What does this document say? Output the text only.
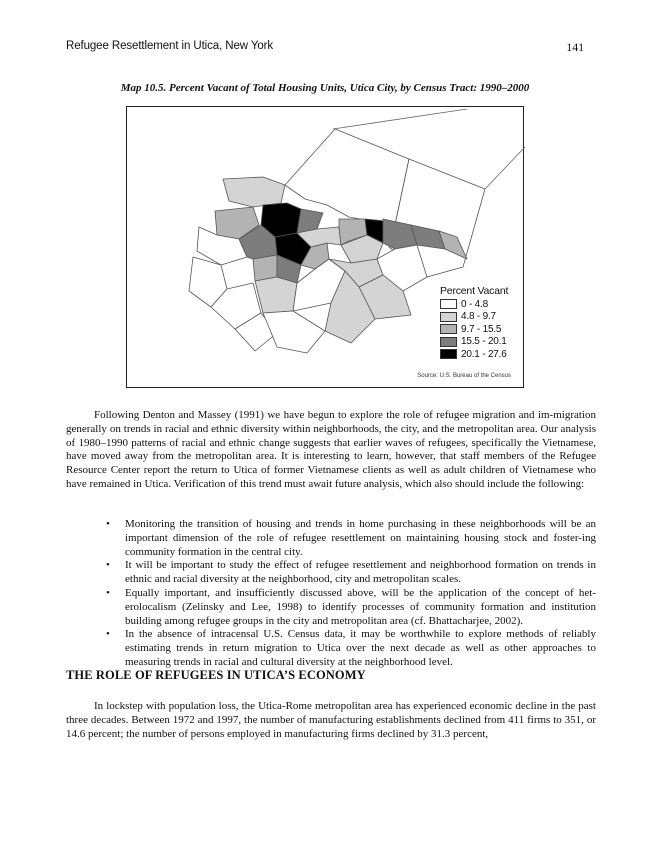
Refugee Resettlement in Utica, New York	141
Map 10.5. Percent Vacant of Total Housing Units, Utica City, by Census Tract: 1990–2000
Percent Vacant
0 - 4.8
4.8 - 9.7
9.7 - 15.5
15.5 - 20.1
20.1 - 27.6
Source: U.S. Bureau of the Census

Following Denton and Massey (1991) we have begun to explore the role of refugee migration and im-migration generally on trends in racial and ethnic diversity within neighborhoods, the city, and the metropolitan area. Our analysis of 1980–1990 patterns of racial and ethnic change suggests that earlier waves of refugees, specifically the Vietnamese, have moved away from the metropolitan area. It is interesting to learn, however, that staff members of the Refugee Resource Center report the return to Utica of former Vietnamese clients as well as adult children of Vietnamese who have remained in Utica. Verification of this trend must await future analysis, which also should include the following:

• Monitoring the transition of housing and trends in home purchasing in these neighborhoods will be an important dimension of the role of refugee resettlement on maintaining housing stock and foster-ing community formation in the central city.
• It will be important to study the effect of refugee resettlement and neighborhood formation on trends in ethnic and racial diversity at the neighborhood, city and metropolitan scales.
• Equally important, and insufficiently discussed above, will be the application of the concept of het-erolocalism (Zelinsky and Lee, 1998) to identify processes of community formation and institution building among refugee groups in the city and metropolitan area (cf. Bhattacharjee, 2002).
• In the absence of intracensal U.S. Census data, it may be worthwhile to explore methods of reliably estimating trends in return migration to Utica over the next decade as well as other approaches to measuring trends in racial and cultural diversity at the neighborhood level.
THE ROLE OF REFUGEES IN UTICA’S ECONOMY

In lockstep with population loss, the Utica-Rome metropolitan area has experienced economic decline in the past three decades. Between 1972 and 1997, the number of manufacturing establishments declined from 411 firms to 351, or 14.6 percent; the number of persons employed in manufacturing firms declined by 31.3 percent,
